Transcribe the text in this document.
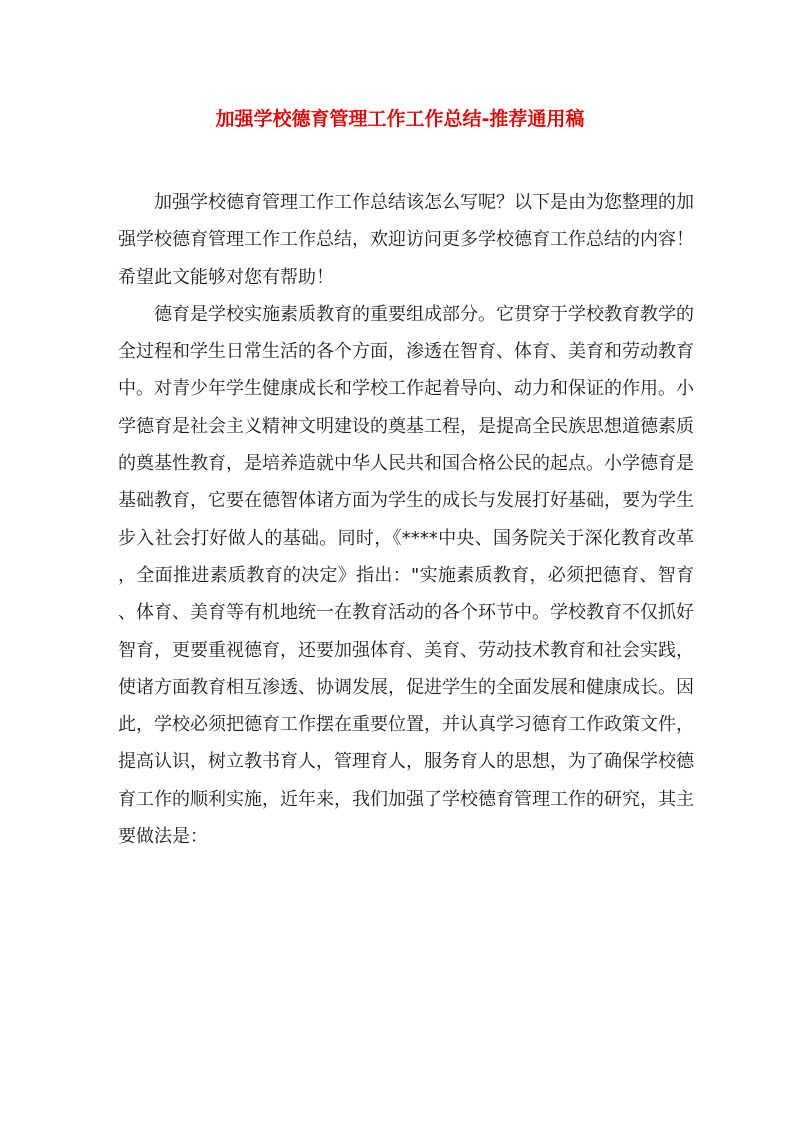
加强学校德育管理工作工作总结-推荐通用稿

加强学校德育管理工作工作总结该怎么写呢？以下是由为您整理的加强学校德育管理工作工作总结，欢迎访问更多学校德育工作总结的内容！希望此文能够对您有帮助！

德育是学校实施素质教育的重要组成部分。它贯穿于学校教育教学的全过程和学生日常生活的各个方面，渗透在智育、体育、美育和劳动教育中。对青少年学生健康成长和学校工作起着导向、动力和保证的作用。小学德育是社会主义精神文明建设的奠基工程，是提高全民族思想道德素质的奠基性教育，是培养造就中华人民共和国合格公民的起点。小学德育是基础教育，它要在德智体诸方面为学生的成长与发展打好基础，要为学生步入社会打好做人的基础。同时，《****中央、国务院关于深化教育改革，全面推进素质教育的决定》指出："实施素质教育，必须把德育、智育、体育、美育等有机地统一在教育活动的各个环节中。学校教育不仅抓好智育，更要重视德育，还要加强体育、美育、劳动技术教育和社会实践，使诸方面教育相互渗透、协调发展，促进学生的全面发展和健康成长。因此，学校必须把德育工作摆在重要位置，并认真学习德育工作政策文件，提高认识，树立教书育人，管理育人，服务育人的思想，为了确保学校德育工作的顺利实施，近年来，我们加强了学校德育管理工作的研究，其主要做法是：
